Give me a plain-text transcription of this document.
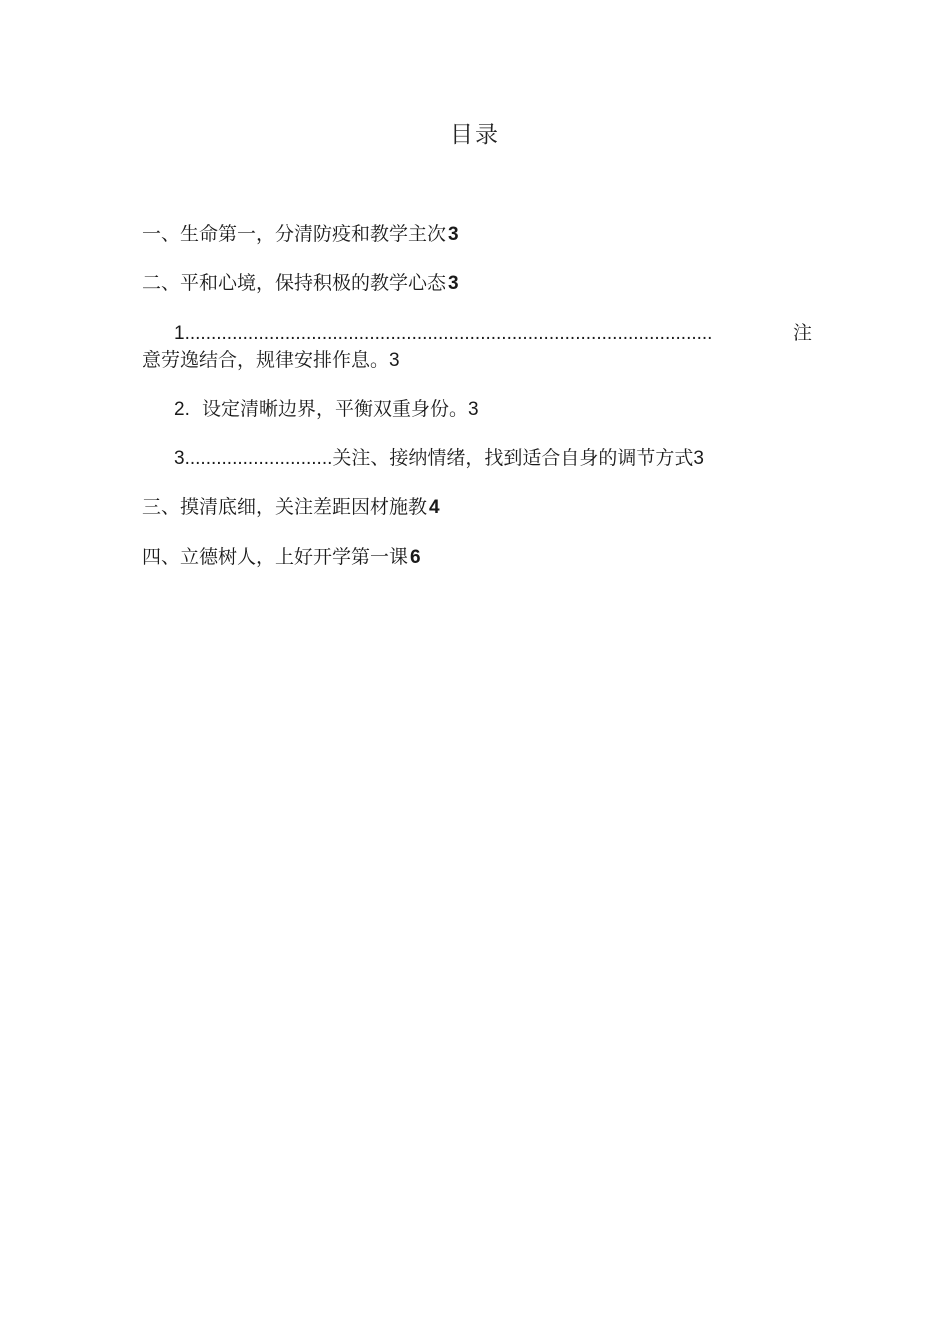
目录
一、生命第一，分清防疫和教学主次 3
二、平和心境，保持积极的教学心态 3
1....................................................................................................	注
意劳逸结合，规律安排作息。3
2. 设定清晰边界，平衡双重身份。3
3............................关注、接纳情绪，找到适合自身的调节方式3
三、摸清底细，关注差距因材施教 4
四、立德树人，上好开学第一课 6
